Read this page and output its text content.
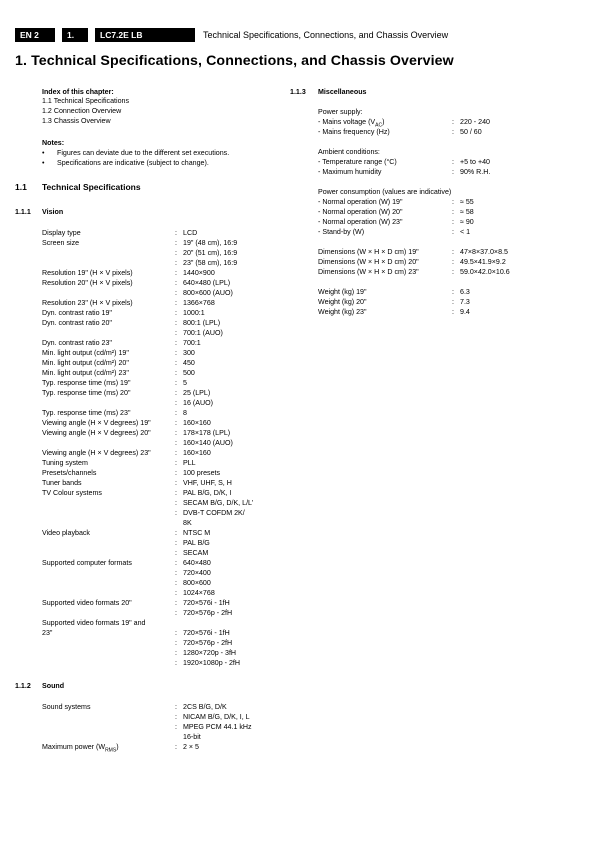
EN 2	1.	LC7.2E LB	Technical Specifications, Connections, and Chassis Overview
1. Technical Specifications, Connections, and Chassis Overview
Index of this chapter:
1.1 Technical Specifications
1.2 Connection Overview
1.3 Chassis Overview
Notes:
• Figures can deviate due to the different set executions.
• Specifications are indicative (subject to change).
1.1 Technical Specifications
1.1.1 Vision
Display type	: LCD
Screen size	: 19" (48 cm), 16:9
: 20" (51 cm), 16:9
: 23" (58 cm), 16:9
Resolution 19" (H × V pixels)	: 1440×900
Resolution 20" (H × V pixels)	: 640×480 (LPL)
: 800×600 (AUO)
Resolution 23" (H × V pixels)	: 1366×768
Dyn. contrast ratio 19"	: 1000:1
Dyn. contrast ratio 20"	: 800:1 (LPL)
: 700:1 (AUO)
Dyn. contrast ratio 23"	: 700:1
Min. light output (cd/m²) 19"	: 300
Min. light output (cd/m²) 20"	: 450
Min. light output (cd/m²) 23"	: 500
Typ. response time (ms) 19"	: 5
Typ. response time (ms) 20"	: 25 (LPL)
: 16 (AUO)
Typ. response time (ms) 23"	: 8
Viewing angle (H × V degrees) 19"	: 160×160
Viewing angle (H × V degrees) 20"	: 178×178 (LPL)
: 160×140 (AUO)
Viewing angle (H × V degrees) 23"	: 160×160
Tuning system	: PLL
Presets/channels	: 100 presets
Tuner bands	: VHF, UHF, S, H
TV Colour systems	: PAL B/G, D/K, I
: SECAM B/G, D/K, L/L'
: DVB-T COFDM 2K/
8K
Video playback	: NTSC M
: PAL B/G
: SECAM
Supported computer formats	: 640×480
: 720×400
: 800×600
: 1024×768
Supported video formats 20"	: 720×576i - 1fH
: 720×576p - 2fH
Supported video formats 19" and
23"	: 720×576i - 1fH
: 720×576p - 2fH
: 1280×720p - 3fH
: 1920×1080p - 2fH
1.1.2 Sound
Sound systems	: 2CS B/G, D/K
: NICAM B/G, D/K, I, L
: MPEG PCM 44.1 kHz
16-bit
Maximum power $(W_{RMS})$	: 2 × 5
1.1.3 Miscellaneous
Power supply:
- Mains voltage $(V_{AC})$	: 220 - 240
- Mains frequency (Hz)	: 50 / 60
Ambient conditions:
- Temperature range (°C)	: +5 to +40
- Maximum humidity	: 90% R.H.
Power consumption (values are indicative)
- Normal operation (W) 19"	: ≈ 55
- Normal operation (W) 20"	: ≈ 58
- Normal operation (W) 23"	: ≈ 90
- Stand-by (W)	: < 1
Dimensions (W × H × D cm) 19"	: 47×8×37.0×8.5
Dimensions (W × H × D cm) 20"	: 49.5×41.9×9.2
Dimensions (W × H × D cm) 23"	: 59.0×42.0×10.6
Weight (kg) 19"	: 6.3
Weight (kg) 20"	: 7.3
Weight (kg) 23"	: 9.4
